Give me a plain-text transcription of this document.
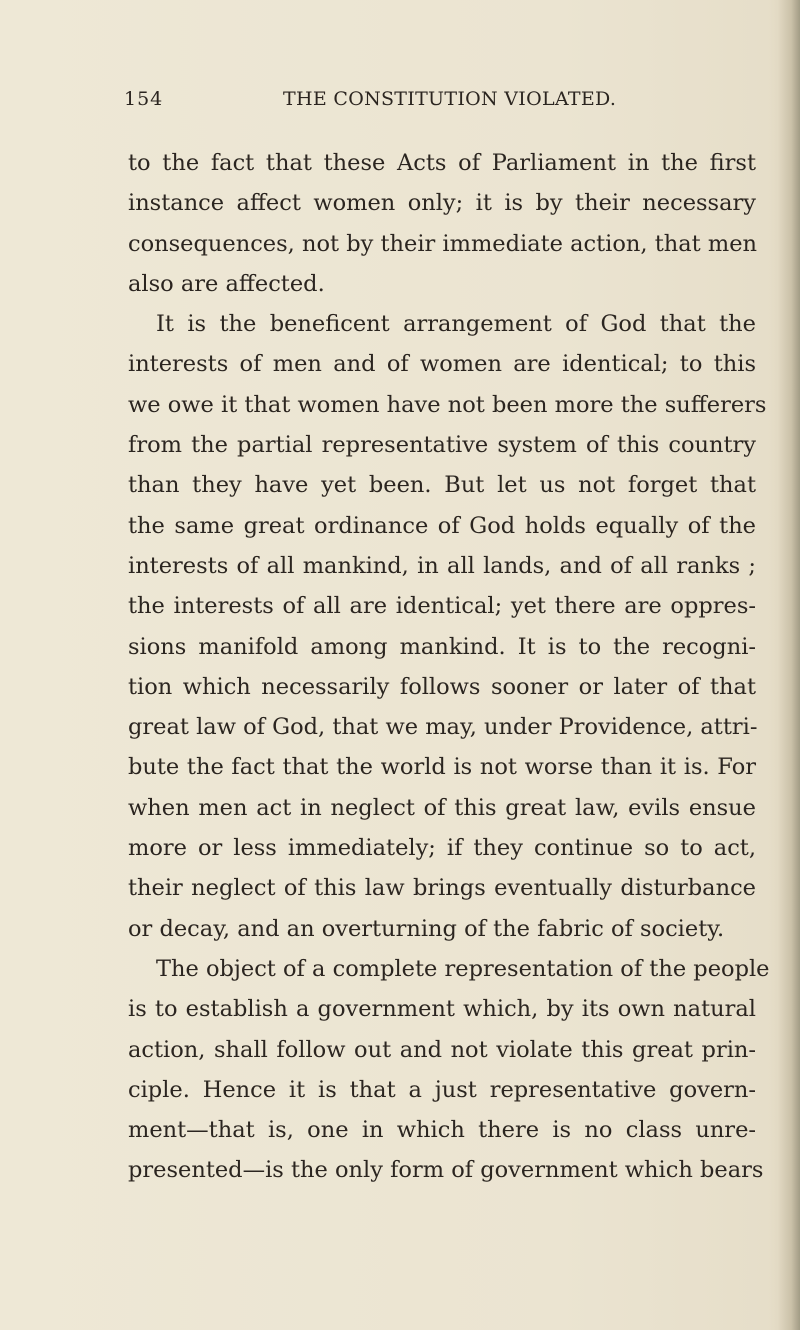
154	THE CONSTITUTION VIOLATED.
to the fact that these Acts of Parliament in the first
instance affect women only; it is by their necessary
consequences, not by their immediate action, that men
also are affected.
It is the beneficent arrangement of God that the
interests of men and of women are identical; to this
we owe it that women have not been more the sufferers
from the partial representative system of this country
than they have yet been. But let us not forget that
the same great ordinance of God holds equally of the
interests of all mankind, in all lands, and of all ranks ;
the interests of all are identical; yet there are oppres-
sions manifold among mankind. It is to the recogni-
tion which necessarily follows sooner or later of that
great law of God, that we may, under Providence, attri-
bute the fact that the world is not worse than it is. For
when men act in neglect of this great law, evils ensue
more or less immediately; if they continue so to act,
their neglect of this law brings eventually disturbance
or decay, and an overturning of the fabric of society.
The object of a complete representation of the people
is to establish a government which, by its own natural
action, shall follow out and not violate this great prin-
ciple. Hence it is that a just representative govern-
ment—that is, one in which there is no class unre-
presented—is the only form of government which bears
